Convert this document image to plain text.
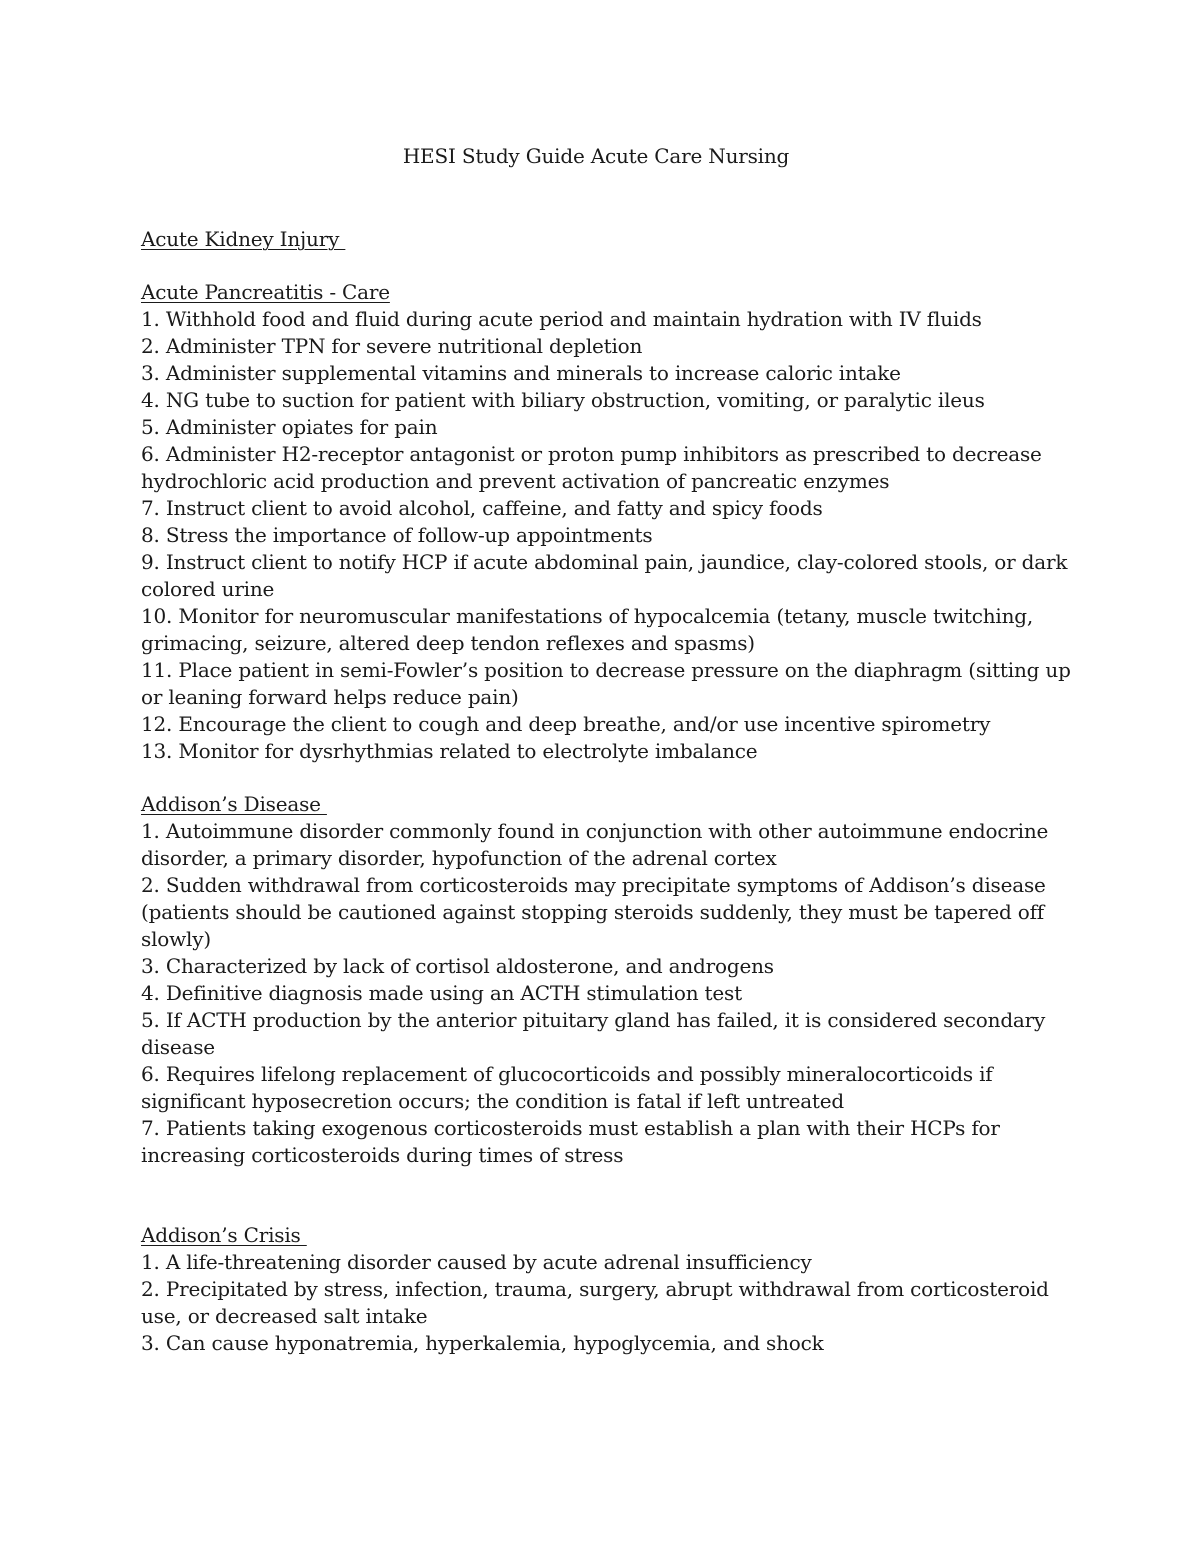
HESI Study Guide Acute Care Nursing

Acute Kidney Injury

Acute Pancreatitis - Care

1. Withhold food and fluid during acute period and maintain hydration with IV fluids

2. Administer TPN for severe nutritional depletion

3. Administer supplemental vitamins and minerals to increase caloric intake

4. NG tube to suction for patient with biliary obstruction, vomiting, or paralytic ileus

5. Administer opiates for pain

6. Administer H2-receptor antagonist or proton pump inhibitors as prescribed to decrease hydrochloric acid production and prevent activation of pancreatic enzymes

7. Instruct client to avoid alcohol, caffeine, and fatty and spicy foods

8. Stress the importance of follow-up appointments

9. Instruct client to notify HCP if acute abdominal pain, jaundice, clay-colored stools, or dark colored urine

10. Monitor for neuromuscular manifestations of hypocalcemia (tetany, muscle twitching, grimacing, seizure, altered deep tendon reflexes and spasms)

11. Place patient in semi-Fowler’s position to decrease pressure on the diaphragm (sitting up or leaning forward helps reduce pain)

12. Encourage the client to cough and deep breathe, and/or use incentive spirometry

13. Monitor for dysrhythmias related to electrolyte imbalance

Addison’s Disease

1. Autoimmune disorder commonly found in conjunction with other autoimmune endocrine disorder, a primary disorder, hypofunction of the adrenal cortex

2. Sudden withdrawal from corticosteroids may precipitate symptoms of Addison’s disease (patients should be cautioned against stopping steroids suddenly, they must be tapered off slowly)

3. Characterized by lack of cortisol aldosterone, and androgens

4. Definitive diagnosis made using an ACTH stimulation test

5. If ACTH production by the anterior pituitary gland has failed, it is considered secondary disease

6. Requires lifelong replacement of glucocorticoids and possibly mineralocorticoids if significant hyposecretion occurs; the condition is fatal if left untreated

7. Patients taking exogenous corticosteroids must establish a plan with their HCPs for increasing corticosteroids during times of stress

Addison’s Crisis

1. A life-threatening disorder caused by acute adrenal insufficiency

2. Precipitated by stress, infection, trauma, surgery, abrupt withdrawal from corticosteroid use, or decreased salt intake

3. Can cause hyponatremia, hyperkalemia, hypoglycemia, and shock
